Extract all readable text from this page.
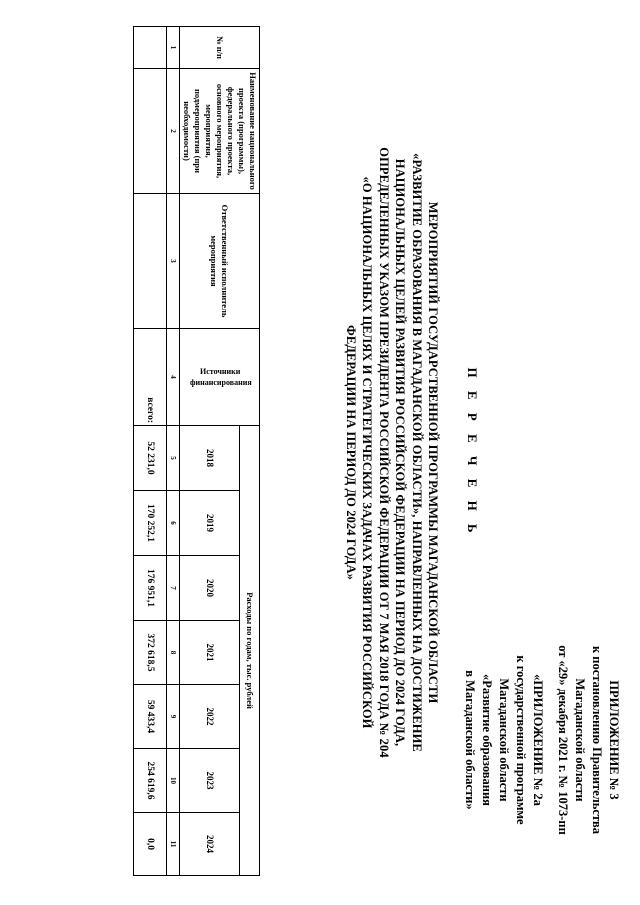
ПРИЛОЖЕНИЕ № 3
к постановлению Правительства
Магаданской области
от «29» декабря 2021 г. № 1073-пп
«ПРИЛОЖЕНИЕ № 2а
к государственной программе
Магаданской области
«Развитие образования
в Магаданской области»
П Е Р Е Ч Е Н Ь
МЕРОПРИЯТИЙ ГОСУДАРСТВЕННОЙ ПРОГРАММЫ МАГАДАНСКОЙ ОБЛАСТИ
«РАЗВИТИЕ ОБРАЗОВАНИЯ В МАГАДАНСКОЙ ОБЛАСТИ», НАПРАВЛЕННЫХ НА ДОСТИЖЕНИЕ
НАЦИОНАЛЬНЫХ ЦЕЛЕЙ РАЗВИТИЯ РОССИЙСКОЙ ФЕДЕРАЦИИ НА ПЕРИОД ДО 2024 ГОДА,
ОПРЕДЕЛЕННЫХ УКАЗОМ ПРЕЗИДЕНТА РОССИЙСКОЙ ФЕДЕРАЦИИ ОТ 7 МАЯ 2018 ГОДА № 204
«О НАЦИОНАЛЬНЫХ ЦЕЛЯХ И СТРАТЕГИЧЕСКИХ ЗАДАЧАХ РАЗВИТИЯ РОССИЙСКОЙ
ФЕДЕРАЦИИ НА ПЕРИОД ДО 2024 ГОДА»
№ п/п	Наименование национального проекта (программы), федерального проекта, основного мероприятия, мероприятия, подмероприятия (при необходимости)	Ответственный исполнитель мероприятия	Источники финансирования	Расходы по годам, тыс. рублей						
				2018	2019	2020	2021	2022	2023	2024
1	2	3	4	5	6	7	8	9	10	11
			всего:	52 231,0	170 252,1	176 951,1	372 618,5	59 433,4	254 619,6	0,0
